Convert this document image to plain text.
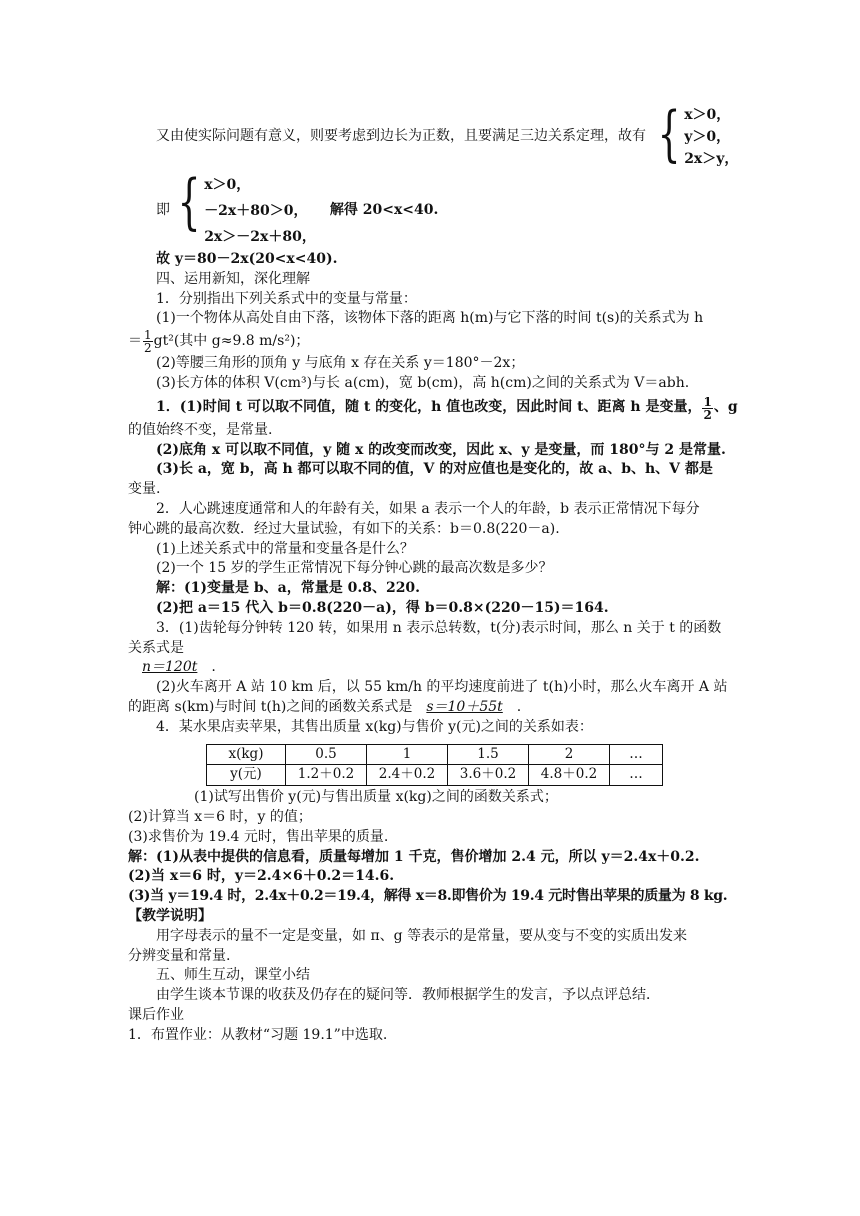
又由使实际问题有意义，则要考虑到边长为正数，且要满足三边关系定理，故有 { x＞0，
y＞0，
2x＞y，
即 { x＞0，
－2x＋80＞0，
2x＞－2x＋80，
解得 20<x<40.
故 y＝80－2x(20<x<40).
四、运用新知，深化理解
1．分别指出下列关系式中的变量与常量：
(1)一个物体从高处自由下落，该物体下落的距离 h(m)与它下落的时间 t(s)的关系式为 h
＝ $\frac{1}{2} gt^2$(其中 g≈9.8 m/s²)；
(2)等腰三角形的顶角 y 与底角 x 存在关系 y＝180°－2x；
(3)长方体的体积 V(cm³)与长 a(cm)，宽 b(cm)，高 h(cm)之间的关系式为 V＝abh.
1．(1)时间 t 可以取不同值，随 t 的变化，h 值也改变，因此时间 t、距离 h 是变量， $\frac{1}{2}$ 、g
的值始终不变，是常量.
(2)底角 x 可以取不同值，y 随 x 的改变而改变，因此 x、y 是变量，而 180°与 2 是常量.
(3)长 a，宽 b，高 h 都可以取不同的值，V 的对应值也是变化的，故 a、b、h、V 都是
变量.
2．人心跳速度通常和人的年龄有关，如果 a 表示一个人的年龄，b 表示正常情况下每分
钟心跳的最高次数．经过大量试验，有如下的关系：b＝0.8(220－a).
(1)上述关系式中的常量和变量各是什么？
(2)一个 15 岁的学生正常情况下每分钟心跳的最高次数是多少？
解：(1)变量是 b、a，常量是 0.8、220.
(2)把 a＝15 代入 b＝0.8(220－a)，得 b＝0.8×(220－15)＝164.
3．(1)齿轮每分钟转 120 转，如果用 n 表示总转数，t(分)表示时间，那么 n 关于 t 的函数
关系式是
n＝120t .
(2)火车离开 A 站 10 km 后，以 55 km/h 的平均速度前进了 t(h)小时，那么火车离开 A 站
的距离 s(km)与时间 t(h)之间的函数关系式是 s＝10＋55t .
4．某水果店卖苹果，其售出质量 x(kg)与售价 y(元)之间的关系如表：
x(kg)	0.5	1	1.5	2	…
y(元)	1.2＋0.2	2.4＋0.2	3.6＋0.2	4.8＋0.2	…
(1)试写出售价 y(元)与售出质量 x(kg)之间的函数关系式；
(2)计算当 x＝6 时，y 的值；
(3)求售价为 19.4 元时，售出苹果的质量.
解：(1)从表中提供的信息看，质量每增加 1 千克，售价增加 2.4 元，所以 y＝2.4x＋0.2.
(2)当 x＝6 时，y＝2.4×6＋0.2＝14.6.
(3)当 y＝19.4 时，2.4x＋0.2＝19.4，解得 x＝8.即售价为 19.4 元时售出苹果的质量为 8 kg.
【教学说明】
用字母表示的量不一定是变量，如 π、g 等表示的是常量，要从变与不变的实质出发来
分辨变量和常量.
五、师生互动，课堂小结
由学生谈本节课的收获及仍存在的疑问等．教师根据学生的发言，予以点评总结．
课后作业
1．布置作业：从教材“习题 19.1”中选取.
